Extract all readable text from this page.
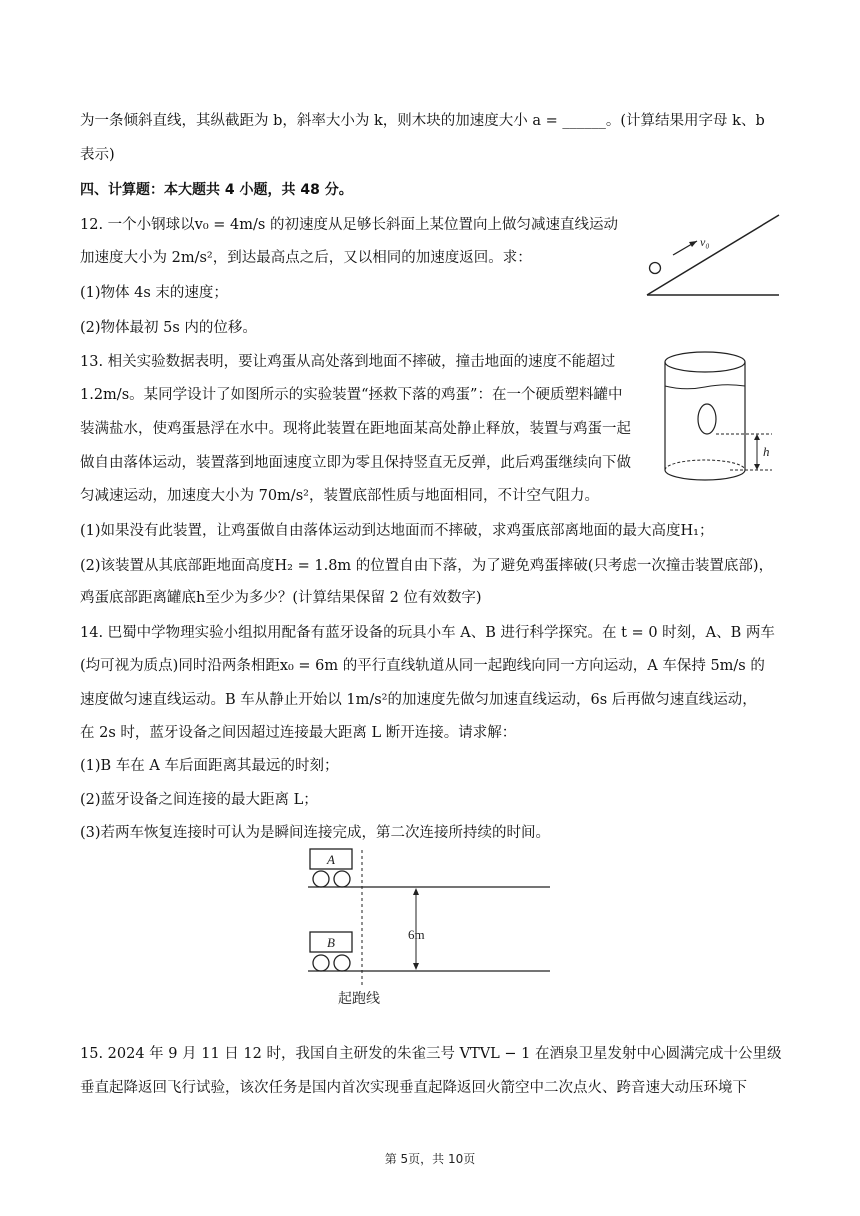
为一条倾斜直线，其纵截距为 b，斜率大小为 k，则木块的加速度大小 a = ______。(计算结果用字母 k、b
表示)
四、计算题：本大题共 4 小题，共 48 分。
12. 一个小钢球以v₀ = 4m/s 的初速度从足够长斜面上某位置向上做匀减速直线运动
加速度大小为 2m/s²，到达最高点之后，又以相同的加速度返回。求：
(1)物体 4s 末的速度；
(2)物体最初 5s 内的位移。
13. 相关实验数据表明，要让鸡蛋从高处落到地面不摔破，撞击地面的速度不能超过
1.2m/s。某同学设计了如图所示的实验装置“拯救下落的鸡蛋”：在一个硬质塑料罐中
装满盐水，使鸡蛋悬浮在水中。现将此装置在距地面某高处静止释放，装置与鸡蛋一起
做自由落体运动，装置落到地面速度立即为零且保持竖直无反弹，此后鸡蛋继续向下做
匀减速运动，加速度大小为 70m/s²，装置底部性质与地面相同，不计空气阻力。
(1)如果没有此装置，让鸡蛋做自由落体运动到达地面而不摔破，求鸡蛋底部离地面的最大高度H₁；
(2)该装置从其底部距地面高度H₂ = 1.8m 的位置自由下落，为了避免鸡蛋摔破(只考虑一次撞击装置底部)，
鸡蛋底部距离罐底h至少为多少？(计算结果保留 2 位有效数字)
14. 巴蜀中学物理实验小组拟用配备有蓝牙设备的玩具小车 A、B 进行科学探究。在 t = 0 时刻，A、B 两车
(均可视为质点)同时沿两条相距x₀ = 6m 的平行直线轨道从同一起跑线向同一方向运动，A 车保持 5m/s 的
速度做匀速直线运动。B 车从静止开始以 1m/s²的加速度先做匀加速直线运动，6s 后再做匀速直线运动，
在 2s 时，蓝牙设备之间因超过连接最大距离 L 断开连接。请求解：
(1)B 车在 A 车后面距离其最远的时刻；
(2)蓝牙设备之间连接的最大距离 L；
(3)若两车恢复连接时可认为是瞬间连接完成，第二次连接所持续的时间。
15. 2024 年 9 月 11 日 12 时，我国自主研发的朱雀三号 VTVL − 1 在酒泉卫星发射中心圆满完成十公里级
垂直起降返回飞行试验，该次任务是国内首次实现垂直起降返回火箭空中二次点火、跨音速大动压环境下
v₀
h
A
B
起跑线
6m
第 5页，共 10页
